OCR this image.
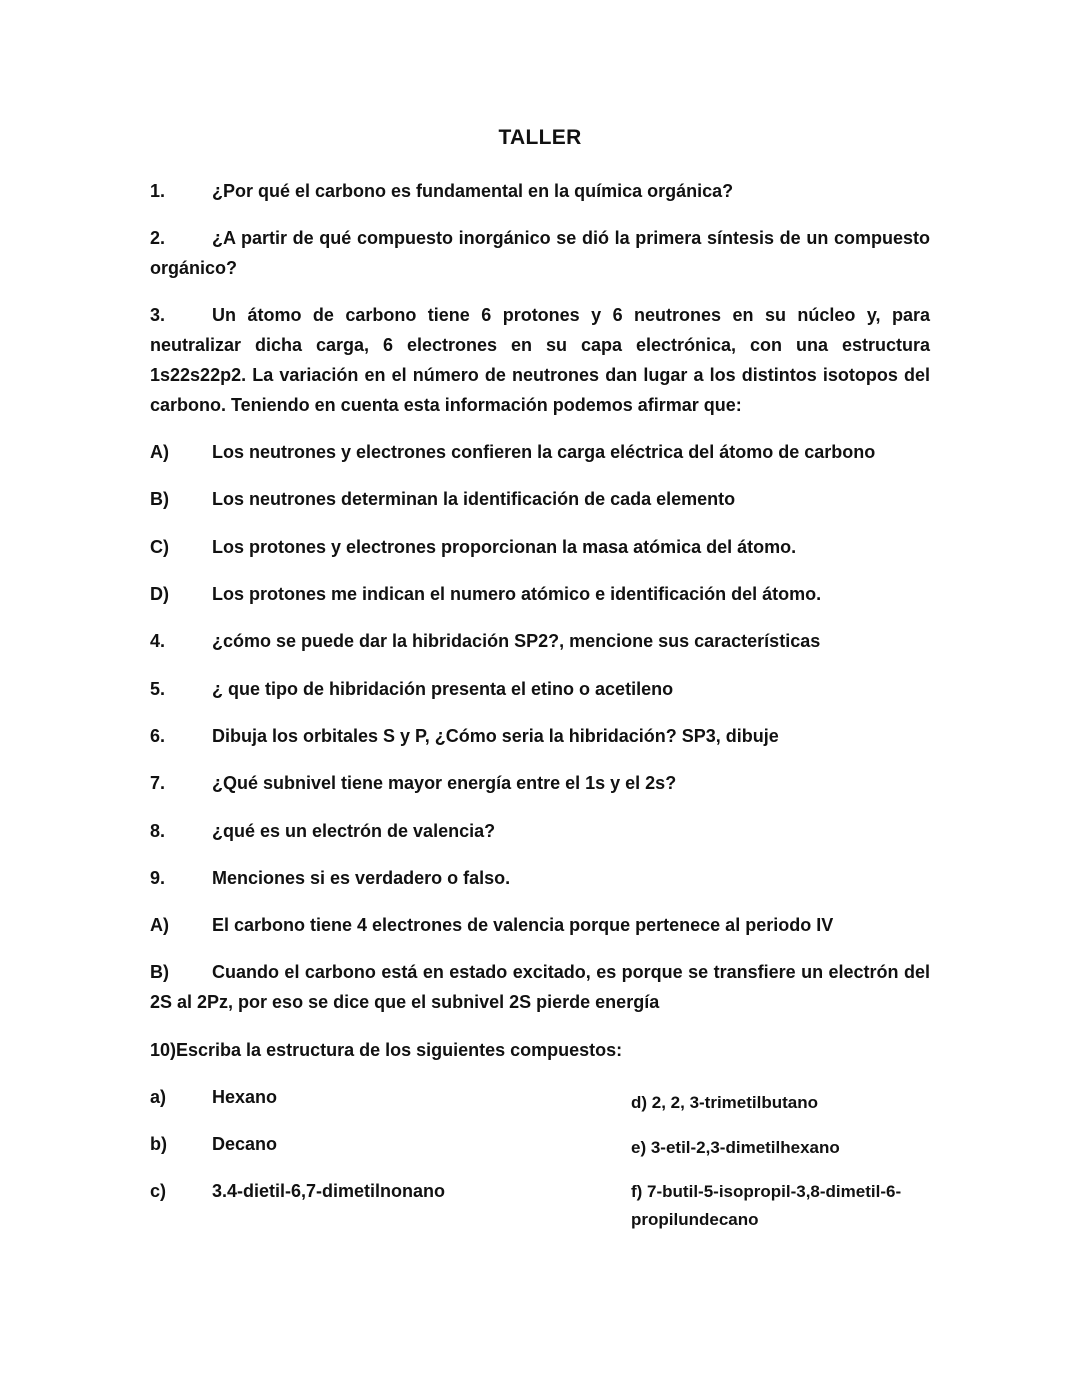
TALLER
1.	¿Por qué el carbono es fundamental en la química orgánica?
2.	¿A partir de qué compuesto inorgánico se dió la primera síntesis de un compuesto orgánico?
3.	Un átomo de carbono tiene 6 protones y 6 neutrones en su núcleo y, para neutralizar dicha carga, 6 electrones en su capa electrónica, con una estructura 1s22s22p2. La variación en el número de neutrones dan lugar a los distintos isotopos del carbono. Teniendo en cuenta esta información podemos afirmar que:
A) Los neutrones y electrones confieren la carga eléctrica del átomo de carbono
B) Los neutrones determinan la identificación de cada elemento
C) Los protones y electrones proporcionan la masa atómica del átomo.
D) Los protones me indican el numero atómico e identificación del átomo.
4.	¿cómo se puede dar la hibridación SP2?, mencione sus características
5.	¿ que tipo de hibridación presenta el etino o acetileno
6.	Dibuja los orbitales S y P, ¿Cómo seria la hibridación? SP3, dibuje
7.	¿Qué subnivel tiene mayor energía entre el 1s y el 2s?
8.	¿qué es un electrón de valencia?
9.	Menciones si es verdadero o falso.
A) El carbono tiene 4 electrones de valencia porque pertenece al periodo IV
B) Cuando el carbono está en estado excitado, es porque se transfiere un electrón del 2S al 2Pz, por eso se dice que el subnivel 2S pierde energía
10)Escriba la estructura de los siguientes compuestos:
a)	Hexano
b)	Decano
c)	3.4-dietil-6,7-dimetilnonano
d) 2, 2, 3-trimetilbutano
e) 3-etil-2,3-dimetilhexano
f) 7-butil-5-isopropil-3,8-dimetil-6-propilundecano
